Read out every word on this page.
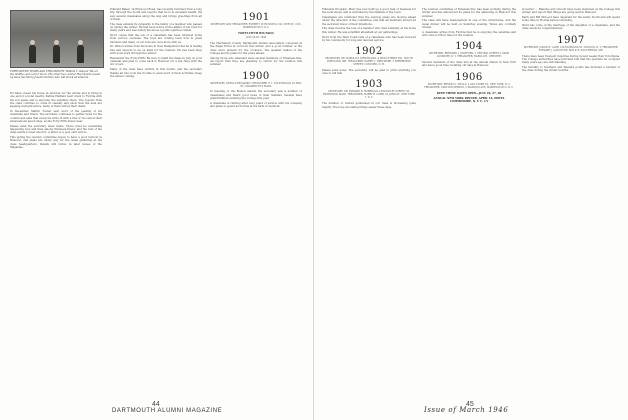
FORTY-SEVEN YEARS AGO THIS MONTH: William T. Atwood '99—in the middle—set out for Oxon. The other two—Oscar Hoyt Searle posed by Gene Secretary Joseph Gorman who will shook all seasons.

Ed Allen closed his house in Andover for the winter and is living in one end of a hotel nearby. Kathie Hatfield went down to Florida with his son again and is enjoying the sunshine there. The reports from the class continue to come in steadily and show that the men are keeping well and active, many of them still at their desks.

In December, Martin Tucker sent word of the passing of his classmate and friend. The secretary continues to gather news for the column and asks that everyone write in with a line or two about their whereabouts and doings, as the Forty-Fifth draws near.

Please send the secretary news items. There must be something happening now and then among Nineteen-Oners, and the rest of the class wants to hear about it. A letter or a post card will do.

This spring the reunion committee hopes to have a good turnout in Hanover, and plans are under way for the usual gathering at the class headquarters. Details will follow in later issues of the Magazine.

Edmund Baker, 14 Elmwood Road, has recently returned from a long trip through the South and reports that he is in excellent health. He saw several classmates along the way and brings greetings from all of them.

The class extends its sympathy to the family of a member who passed on during the winter. He had been active in the affairs of his town for many years and was widely known as a public-spirited citizen.

Word comes that the son of a classmate has been returned home from service overseas. The boys are coming back now in great numbers and many of our sons are once more with us.

Dr. Wilson writes from his home in New Hampshire that he is feeling fine and expects to be on hand for the reunion. He has been busy with local work through the winter.

Remember the Forty-Fifth! Be sure to mark the dates in July on your calendar and plan to come back to Hanover for a few days with the old crowd.

Many of the class have written in this month, and the secretary thanks all who took the trouble to send word of their activities. Keep the letters coming.

1901
SECRETARY AND TREASURER, EVERETT W. RUNNELS, 522 18TH ST., N.W., WASHINGTON 6, D.C.
FORTY-FIFTH REUNION
JULY 26-28, 1946

The Merrimack County Dartmouth Alumni Association convened at the Eagle Hotel in Concord this winter, and a good number of the class were present for the occasion. The speaker talked of the College and its plans for the years ahead.

Among those who attended were several members of Nineteen-One. All report that they are planning to return for the reunion this summer.

1900
SECRETARY, LEWIS P. BENJAMIN, TREASURER, F. L. ELLENWOOD, 20 MILL ST., SWAMPSCOTT, MASS.

In meeting of the Boston alumni the secretary saw a number of classmates and heard good news of their families. Several have grandchildren entering the College this year.

A classmate is retiring after long years of service with his company and plans to spend more time at his farm in Vermont.

44
DARTMOUTH ALUMNI MAGAZINE

Edmunds Program, Mary has now built up a good deal of business for the local shops, and is well liked by the families of the town.

Classmates are reminded that the reunion plans are moving ahead under the direction of the committee, and that all members should let the secretary know of their intentions.

The class mourns the loss of a member who died suddenly at his home this winter. He was a faithful attendant at our gatherings.

Word from the West Coast tells of a classmate who has been honored by his community for long and devoted service.

1902
SECRETARY, DR. HAROLD P. STRICKLAND, 4 WEST STREET RD., SOUTH PORTLAND, ME. TREASURER, HARRY C. WHITMORE, 3 SHERBURNE STREET, CONCORD, N. H.

Please send news. The secretary will be glad to print anything you care to tell him.

1903
SECRETARY, DR. EDWARD B. HORRIGAN, 4 RANGELEY STREET, ST. RICHMOND, MASS. TREASURER, HARRY B. LAMB, 10 JOHN ST., NEW YORK 7, N. Y.

The number of retired gentlemen in our class is increasing quite rapidly. The boys are taking things easier these days.

The reunion committee of Nineteen-Two has been working during the winter and has announced its plans for the gathering in Hanover this summer.

The class will have headquarters in one of the dormitories, and the usual dinner will be held on Saturday evening. Wives are cordially invited.

A classmate writes from Florida that he is enjoying the sunshine and will come north in time for the reunion.

1904
SECRETARY, BERNARD J. STAFFORD, 1 CENTRAL STREET, LODGE LOCKPORT, N. Y. TREASURER, HAROLD H. CHESTER.

Several members of the class met at the annual dinner in New York and had a good time recalling old days in Hanover.

1906
SECRETARY, ERNEST G. WELLS, 2 GAS STORE ST., NEW YORK, N. Y. TREASURER, CARLTON KERSON, 2 MADISON AVE, WASHINGTON 6, D. C.
KEEP THESE DATES OPEN—JULY 26, 27, 28
ANNUAL NEW YORK DINNER, APRIL 16, HOTEL COMMODORE, N. Y. C. (?)

Governor ... Blanche and Lincoln have been stationed at the College this winter, and report that things are going well in Hanover.

Early and Bill McLeod have departed for the sunny South and will spend some time in Florida before returning.

Word has come of the marriage of the daughter of a classmate, and the class sends its congratulations.

1907
SECRETARY, JUDGE R. LANE, 130 ELMWOOD ST., BOSTON, N. Y. TREASURER, STEWART J. GASCOYNE, BOX 475, SOUTHFIELD, ME.

There have been frequent inquiries during recent weeks from Tom Payne. The College authorities have informed him that the quarters he occupied many years ago are still standing.

The mobility to Southern and Western points has included a number of the class during the winter months.

45
Issue of March 1946
